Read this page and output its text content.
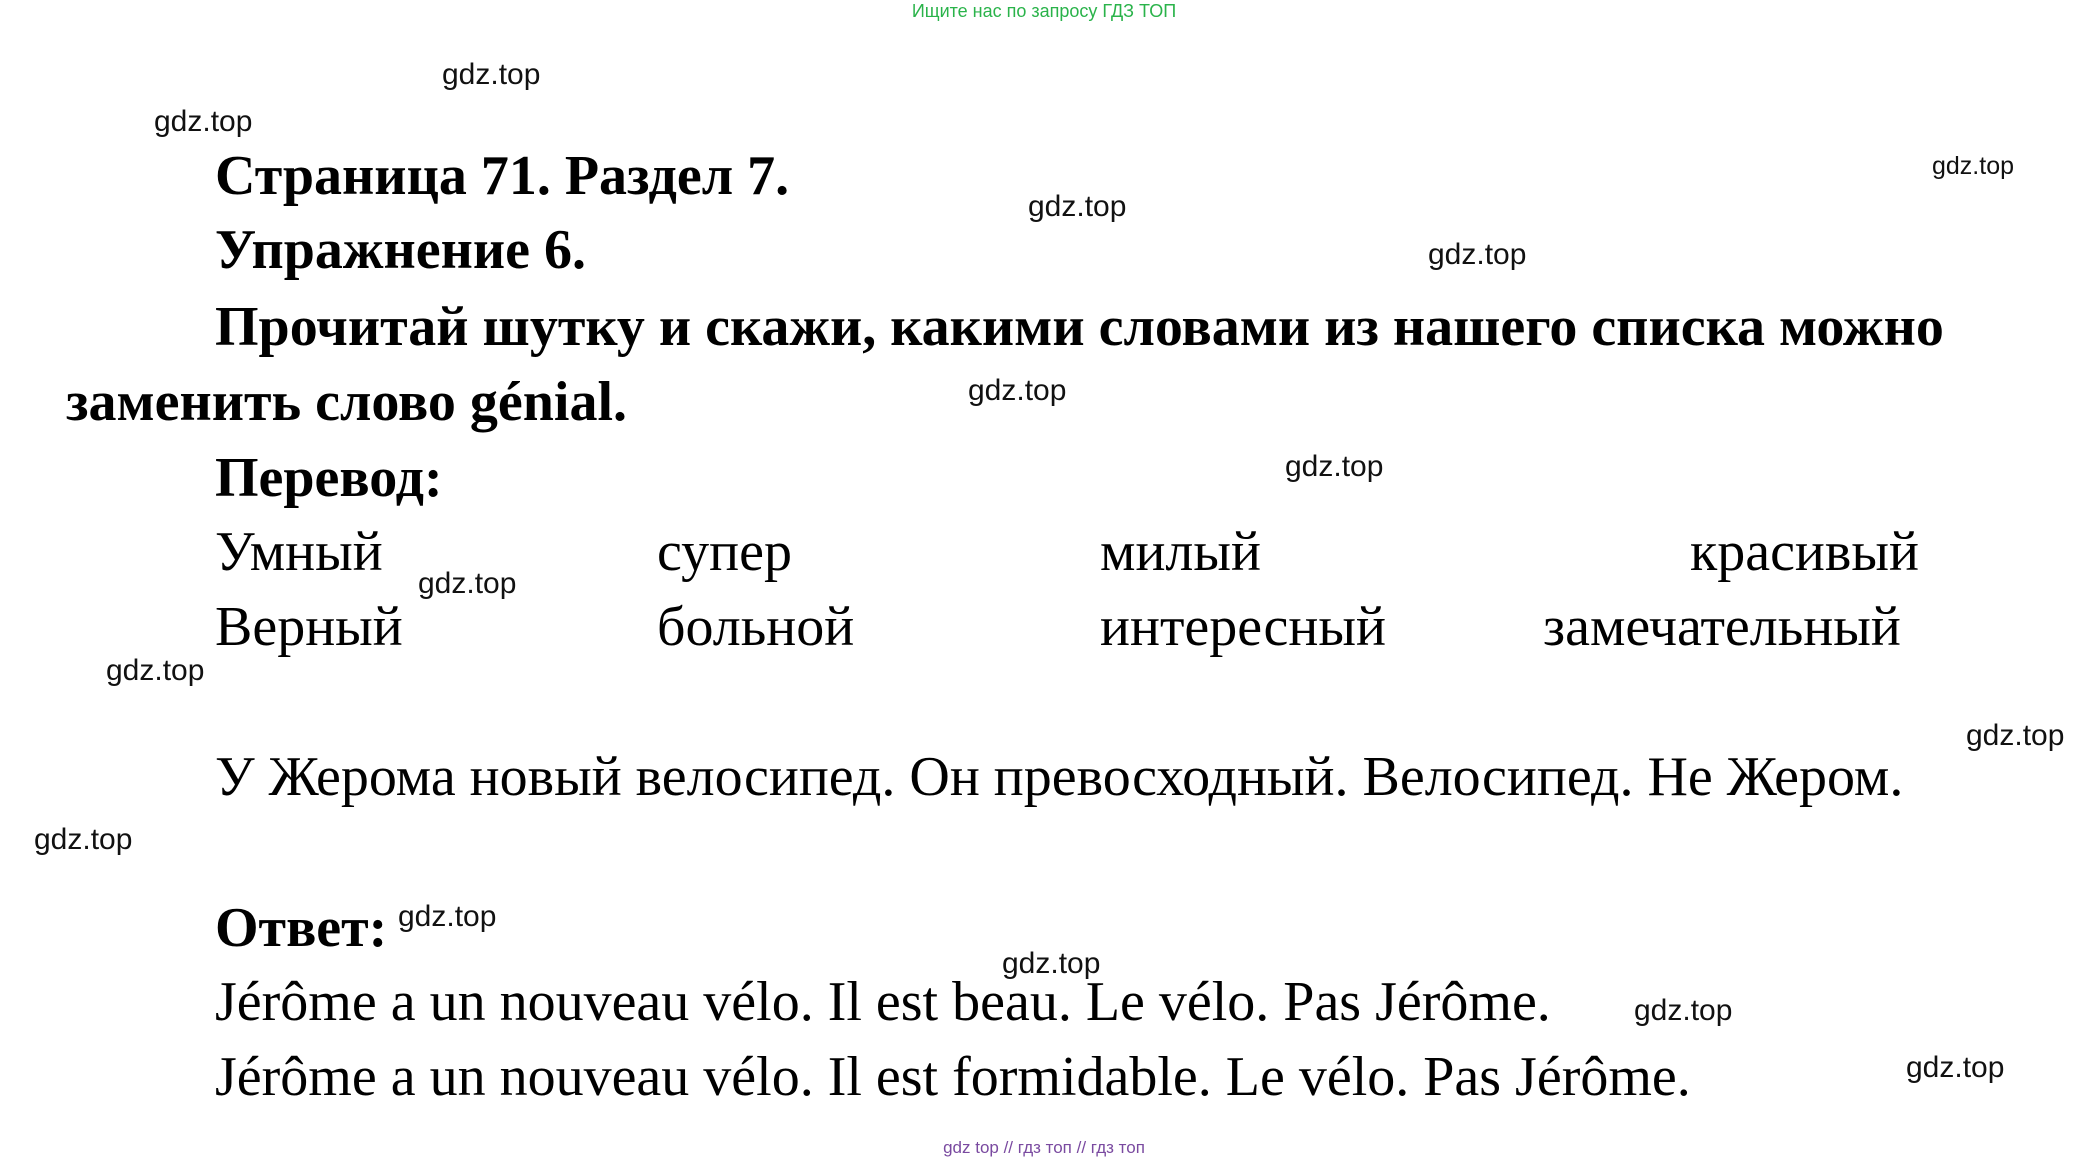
Ищите нас по запросу ГДЗ ТОП
Страница 71. Раздел 7.
Упражнение 6.
Прочитай шутку и скажи, какими словами из нашего списка можно
заменить слово génial.
Перевод:
Умный	супер	милый	красивый
Верный	больной	интересный	замечательный
У Жерома новый велосипед. Он превосходный. Велосипед. Не Жером.
Ответ:
Jérôme a un nouveau vélo. Il est beau. Le vélo. Pas Jérôme.
Jérôme a un nouveau vélo. Il est formidable. Le vélo. Pas Jérôme.
gdz.top
gdz.top
gdz.top
gdz.top
gdz.top
gdz.top
gdz.top
gdz.top
gdz.top
gdz.top
gdz.top
gdz.top
gdz.top
gdz.top
gdz.top
gdz top // гдз топ // гдз топ
